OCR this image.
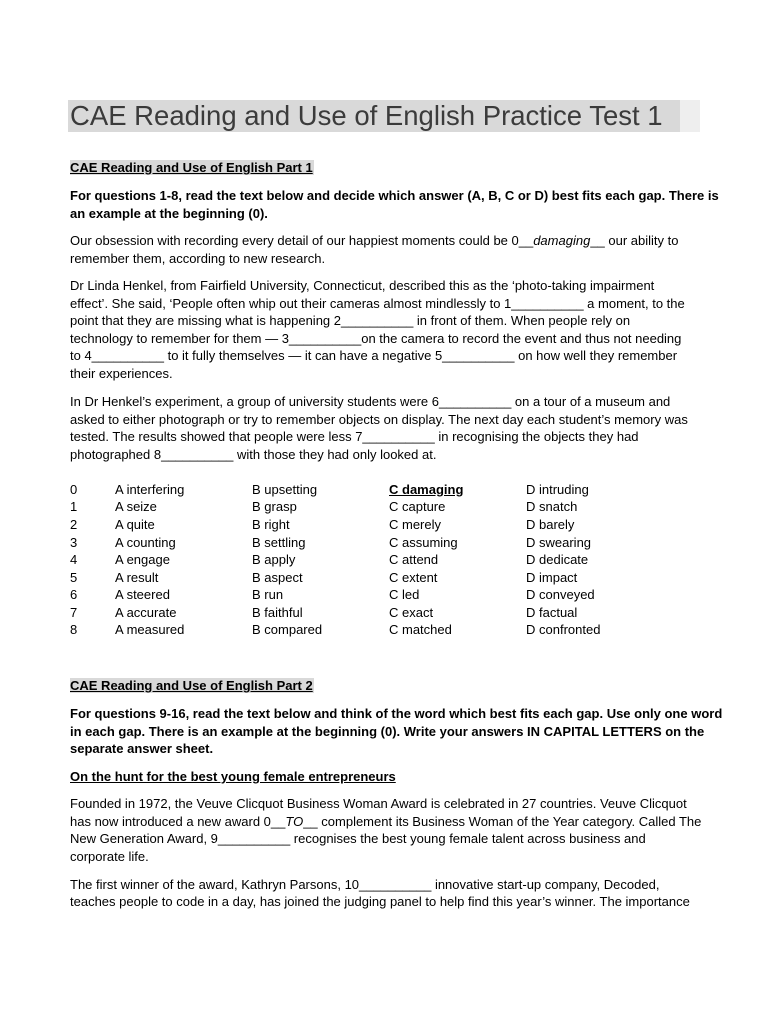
CAE Reading and Use of English Practice Test 1
CAE Reading and Use of English Part 1
For questions 1-8, read the text below and decide which answer (A, B, C or D) best fits each gap. There is
an example at the beginning (0).
Our obsession with recording every detail of our happiest moments could be 0__damaging__ our ability to
remember them, according to new research.
Dr Linda Henkel, from Fairfield University, Connecticut, described this as the ‘photo-taking impairment
effect’. She said, ‘People often whip out their cameras almost mindlessly to 1__________ a moment, to the
point that they are missing what is happening 2__________ in front of them. When people rely on
technology to remember for them — 3__________on the camera to record the event and thus not needing
to 4__________ to it fully themselves — it can have a negative 5__________ on how well they remember
their experiences.
In Dr Henkel’s experiment, a group of university students were 6__________ on a tour of a museum and
asked to either photograph or try to remember objects on display. The next day each student’s memory was
tested. The results showed that people were less 7__________ in recognising the objects they had
photographed 8__________ with those they had only looked at.
0	A interfering	B upsetting	C damaging	D intruding
1	A seize	B grasp	C capture	D snatch
2	A quite	B right	C merely	D barely
3	A counting	B settling	C assuming	D swearing
4	A engage	B apply	C attend	D dedicate
5	A result	B aspect	C extent	D impact
6	A steered	B run	C led	D conveyed
7	A accurate	B faithful	C exact	D factual
8	A measured	B compared	C matched	D confronted
CAE Reading and Use of English Part 2
For questions 9-16, read the text below and think of the word which best fits each gap. Use only one word
in each gap. There is an example at the beginning (0). Write your answers IN CAPITAL LETTERS on the
separate answer sheet.
On the hunt for the best young female entrepreneurs
Founded in 1972, the Veuve Clicquot Business Woman Award is celebrated in 27 countries. Veuve Clicquot
has now introduced a new award 0__TO__ complement its Business Woman of the Year category. Called The
New Generation Award, 9__________ recognises the best young female talent across business and
corporate life.
The first winner of the award, Kathryn Parsons, 10__________ innovative start-up company, Decoded,
teaches people to code in a day, has joined the judging panel to help find this year’s winner. The importance
